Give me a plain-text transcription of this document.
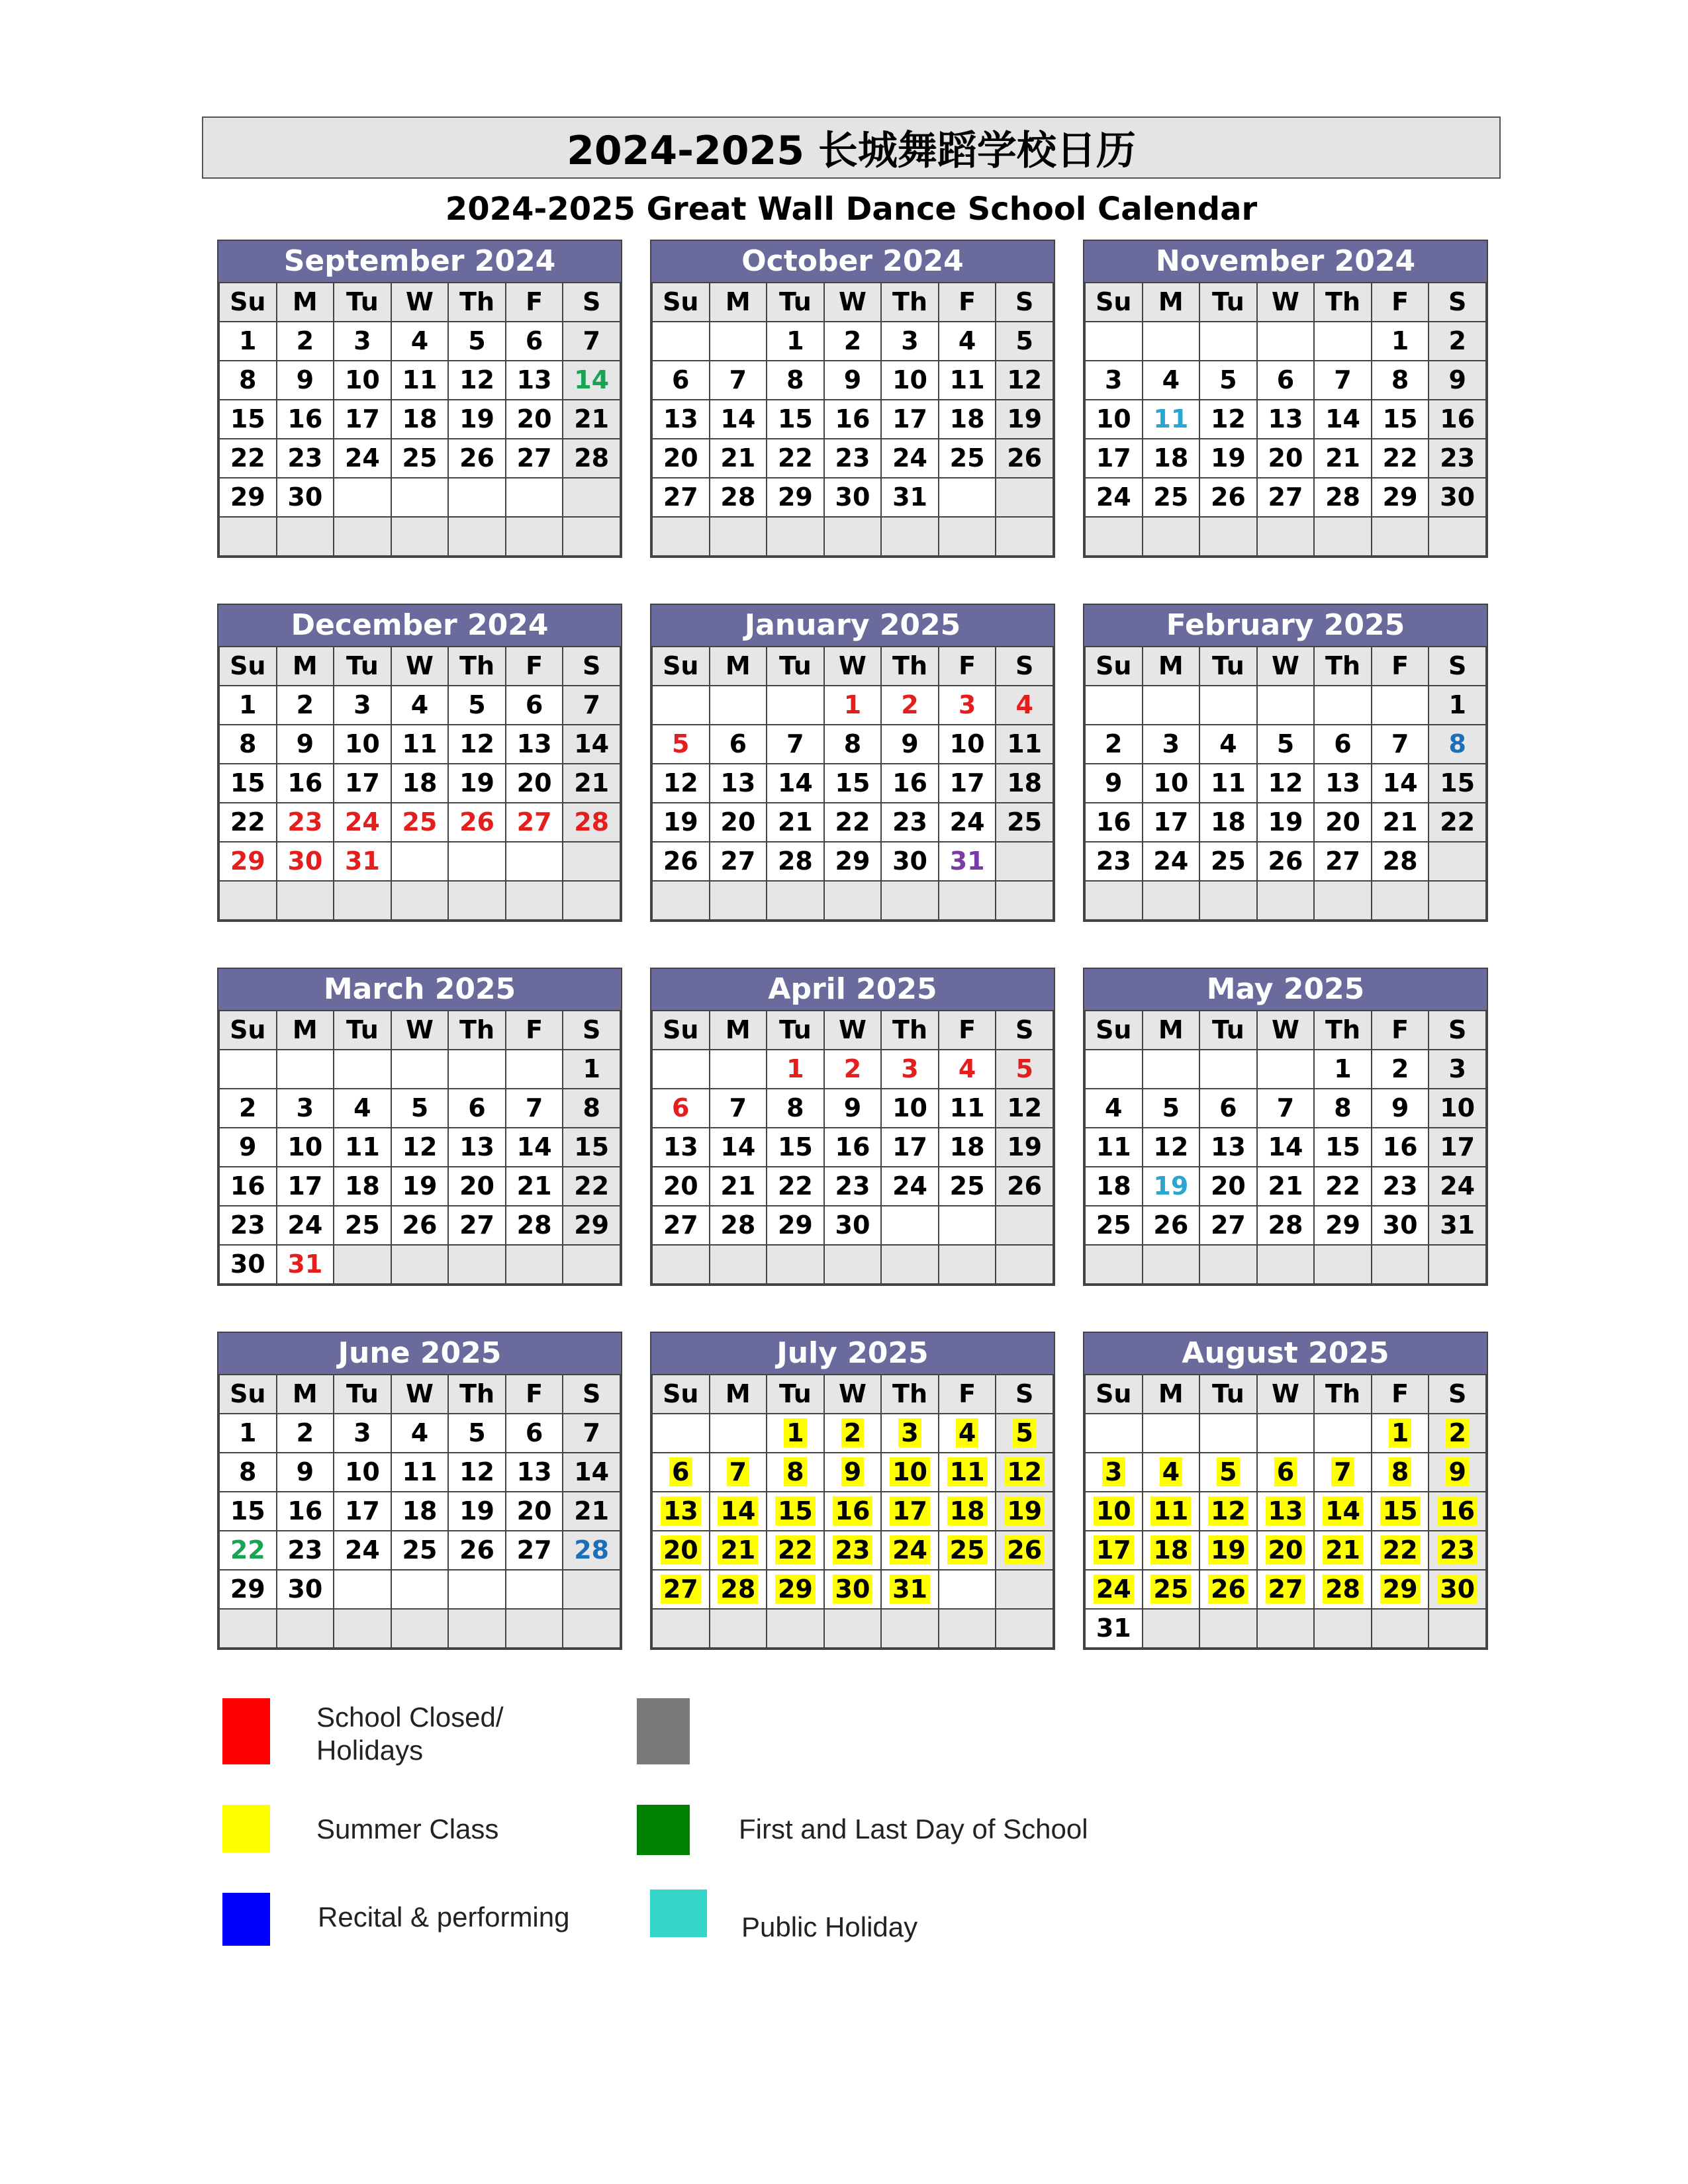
2024-2025 长城舞蹈学校日历
2024-2025 Great Wall Dance School Calendar
September 2024
Su	M	Tu	W	Th	F	S
1	2	3	4	5	6	7
8	9	10	11	12	13	14
15	16	17	18	19	20	21
22	23	24	25	26	27	28
29	30					

October 2024
Su	M	Tu	W	Th	F	S
		1	2	3	4	5
6	7	8	9	10	11	12
13	14	15	16	17	18	19
20	21	22	23	24	25	26
27	28	29	30	31		

November 2024
Su	M	Tu	W	Th	F	S
					1	2
3	4	5	6	7	8	9
10	11	12	13	14	15	16
17	18	19	20	21	22	23
24	25	26	27	28	29	30

December 2024
Su	M	Tu	W	Th	F	S
1	2	3	4	5	6	7
8	9	10	11	12	13	14
15	16	17	18	19	20	21
22	23	24	25	26	27	28
29	30	31				

January 2025
Su	M	Tu	W	Th	F	S
			1	2	3	4
5	6	7	8	9	10	11
12	13	14	15	16	17	18
19	20	21	22	23	24	25
26	27	28	29	30	31	

February 2025
Su	M	Tu	W	Th	F	S
						1
2	3	4	5	6	7	8
9	10	11	12	13	14	15
16	17	18	19	20	21	22
23	24	25	26	27	28	

March 2025
Su	M	Tu	W	Th	F	S
						1
2	3	4	5	6	7	8
9	10	11	12	13	14	15
16	17	18	19	20	21	22
23	24	25	26	27	28	29
30	31					
April 2025
Su	M	Tu	W	Th	F	S
		1	2	3	4	5
6	7	8	9	10	11	12
13	14	15	16	17	18	19
20	21	22	23	24	25	26
27	28	29	30			

May 2025
Su	M	Tu	W	Th	F	S
				1	2	3
4	5	6	7	8	9	10
11	12	13	14	15	16	17
18	19	20	21	22	23	24
25	26	27	28	29	30	31

June 2025
Su	M	Tu	W	Th	F	S
1	2	3	4	5	6	7
8	9	10	11	12	13	14
15	16	17	18	19	20	21
22	23	24	25	26	27	28
29	30					

July 2025
Su	M	Tu	W	Th	F	S
		1	2	3	4	5
6	7	8	9	10	11	12
13	14	15	16	17	18	19
20	21	22	23	24	25	26
27	28	29	30	31		

August 2025
Su	M	Tu	W	Th	F	S
					1	2
3	4	5	6	7	8	9
10	11	12	13	14	15	16
17	18	19	20	21	22	23
24	25	26	27	28	29	30
31						
School Closed/
Holidays
Summer Class
Recital & performing
First and Last Day of School
Public Holiday
